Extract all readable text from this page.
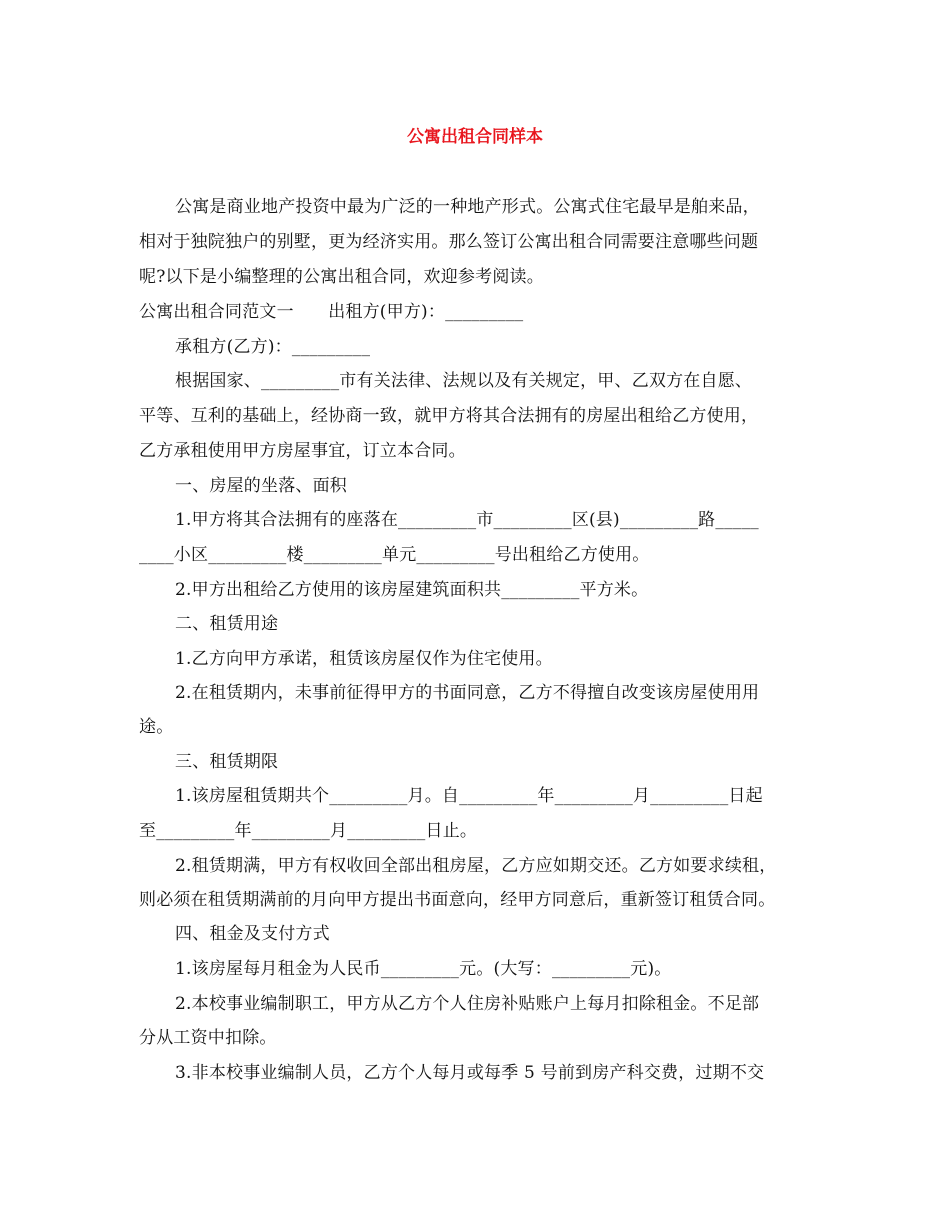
公寓出租合同样本
公寓是商业地产投资中最为广泛的一种地产形式。公寓式住宅最早是舶来品，
相对于独院独户的别墅，更为经济实用。那么签订公寓出租合同需要注意哪些问题
呢?以下是小编整理的公寓出租合同，欢迎参考阅读。
公寓出租合同范文一　　出租方(甲方)：_________
承租方(乙方)：_________
根据国家、_________市有关法律、法规以及有关规定，甲、乙双方在自愿、
平等、互利的基础上，经协商一致，就甲方将其合法拥有的房屋出租给乙方使用，
乙方承租使用甲方房屋事宜，订立本合同。
一、房屋的坐落、面积
1.甲方将其合法拥有的座落在_________市_________区(县)_________路_____
____小区_________楼_________单元_________号出租给乙方使用。
2.甲方出租给乙方使用的该房屋建筑面积共_________平方米。
二、租赁用途
1.乙方向甲方承诺，租赁该房屋仅作为住宅使用。
2.在租赁期内，未事前征得甲方的书面同意，乙方不得擅自改变该房屋使用用
途。
三、租赁期限
1.该房屋租赁期共个_________月。自_________年_________月_________日起
至_________年_________月_________日止。
2.租赁期满，甲方有权收回全部出租房屋，乙方应如期交还。乙方如要求续租，
则必须在租赁期满前的月向甲方提出书面意向，经甲方同意后，重新签订租赁合同。
四、租金及支付方式
1.该房屋每月租金为人民币_________元。(大写：_________元)。
2.本校事业编制职工，甲方从乙方个人住房补贴账户上每月扣除租金。不足部
分从工资中扣除。
3.非本校事业编制人员，乙方个人每月或每季 5 号前到房产科交费，过期不交
